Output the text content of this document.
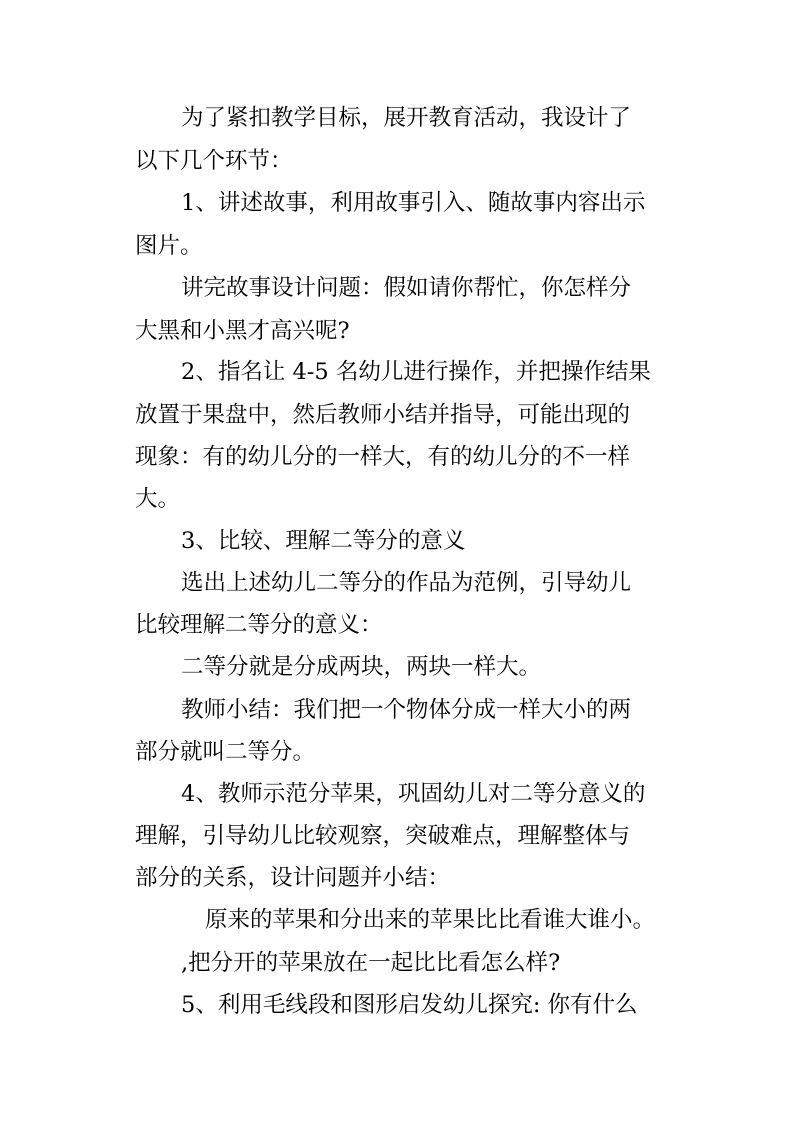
为了紧扣教学目标，展开教育活动，我设计了
以下几个环节：
1、讲述故事，利用故事引入、随故事内容出示
图片。
讲完故事设计问题：假如请你帮忙，你怎样分
大黑和小黑才高兴呢?
2、指名让 4-5 名幼儿进行操作，并把操作结果
放置于果盘中，然后教师小结并指导，可能出现的
现象：有的幼儿分的一样大，有的幼儿分的不一样
大。
3、比较、理解二等分的意义
选出上述幼儿二等分的作品为范例，引导幼儿
比较理解二等分的意义：
二等分就是分成两块，两块一样大。
教师小结：我们把一个物体分成一样大小的两
部分就叫二等分。
4、教师示范分苹果，巩固幼儿对二等分意义的
理解，引导幼儿比较观察，突破难点，理解整体与
部分的关系，设计问题并小结：
原来的苹果和分出来的苹果比比看谁大谁小。
,把分开的苹果放在一起比比看怎么样?
5、利用毛线段和图形启发幼儿探究: 你有什么
